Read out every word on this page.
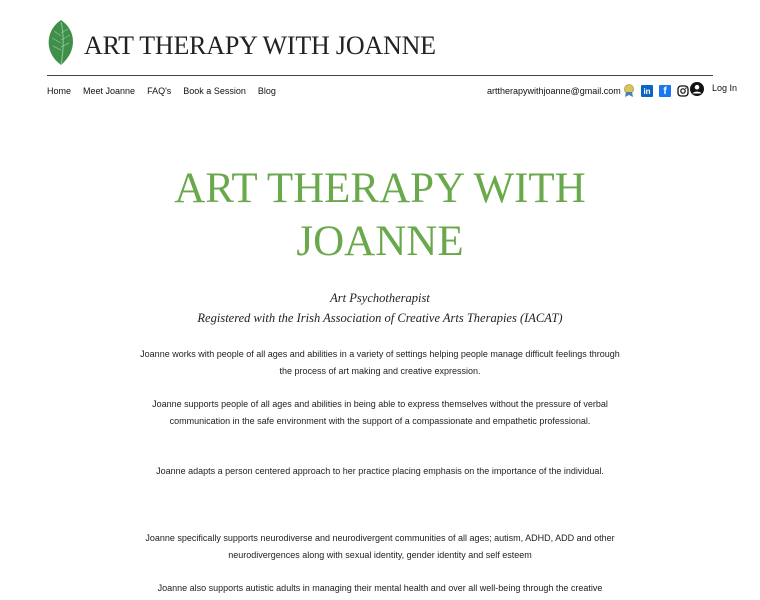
ART THERAPY WITH JOANNE
Home Meet Joanne FAQ's Book a Session Blog	arttherapywithjoanne@gmail.com	in	f	Log In
ART THERAPY WITH JOANNE
Art Psychotherapist
Registered with the Irish Association of Creative Arts Therapies (IACAT)

Joanne works with people of all ages and abilities in a variety of settings helping people manage difficult feelings through the process of art making and creative expression.

Joanne supports people of all ages and abilities in being able to express themselves without the pressure of verbal communication in the safe environment with the support of a compassionate and empathetic professional.

Joanne adapts a person centered approach to her practice placing emphasis on the importance of the individual.

Joanne specifically supports neurodiverse and neurodivergent communities of all ages; autism, ADHD, ADD and other neurodivergences along with sexual identity, gender identity and self esteem

Joanne also supports autistic adults in managing their mental health and over all well-being through the creative
